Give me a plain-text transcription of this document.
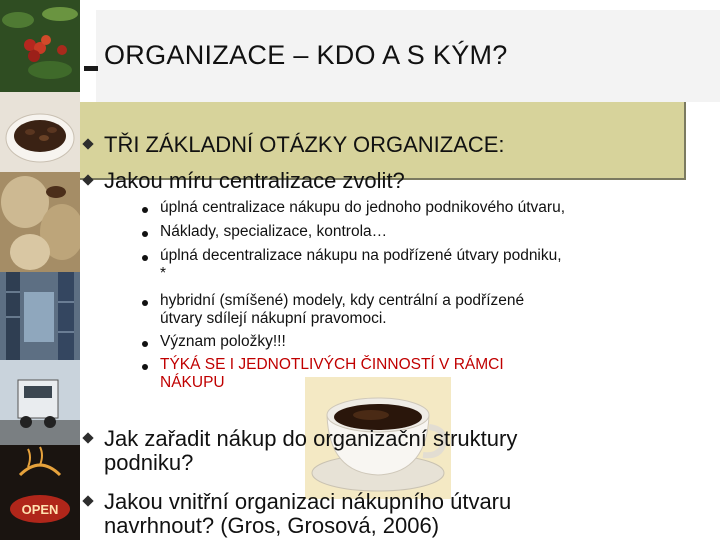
OPEN
ORGANIZACE – KDO A S KÝM?
TŘI ZÁKLADNÍ OTÁZKY ORGANIZACE:
Jakou míru centralizace zvolit?
úplná centralizace nákupu do jednoho podnikového útvaru,
Náklady, specializace, kontrola…
úplná decentralizace nákupu na podřízené útvary podniku,
*
hybridní (smíšené) modely, kdy centrální a podřízené
útvary sdílejí nákupní pravomoci.
Význam položky!!!
TÝKÁ SE I JEDNOTLIVÝCH ČINNOSTÍ V RÁMCI
NÁKUPU
Jak zařadit nákup do organizační struktury
podniku?
Jakou vnitřní organizaci nákupního útvaru
navrhnout? (Gros, Grosová, 2006)
